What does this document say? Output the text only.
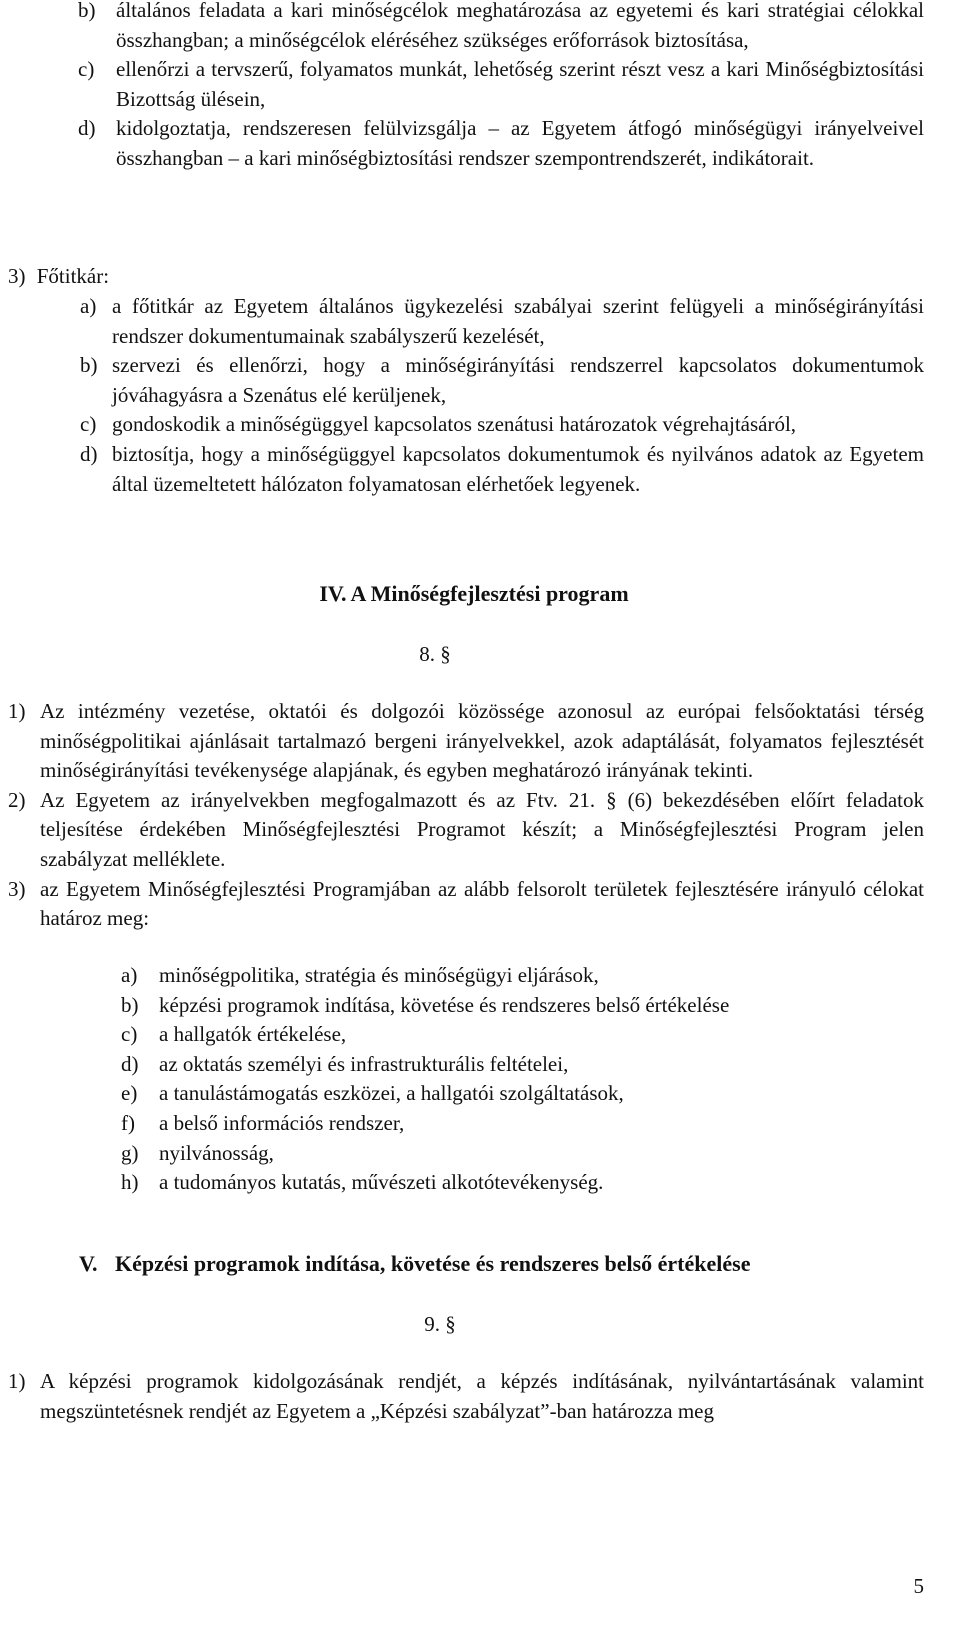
b) általános feladata a kari minőségcélok meghatározása az egyetemi és kari stratégiai célokkal összhangban; a minőségcélok eléréséhez szükséges erőforrások biztosítása,
c) ellenőrzi a tervszerű, folyamatos munkát, lehetőség szerint részt vesz a kari Minőségbiztosítási Bizottság ülésein,
d) kidolgoztatja, rendszeresen felülvizsgálja – az Egyetem átfogó minőségügyi irányelveivel összhangban – a kari minőségbiztosítási rendszer szempontrendszerét, indikátorait.
3) Főtitkár:
a) a főtitkár az Egyetem általános ügykezelési szabályai szerint felügyeli a minőségirányítási rendszer dokumentumainak szabályszerű kezelését,
b) szervezi és ellenőrzi, hogy a minőségirányítási rendszerrel kapcsolatos dokumentumok jóváhagyásra a Szenátus elé kerüljenek,
c) gondoskodik a minőségüggyel kapcsolatos szenátusi határozatok végrehajtásáról,
d) biztosítja, hogy a minőségüggyel kapcsolatos dokumentumok és nyilvános adatok az Egyetem által üzemeltetett hálózaton folyamatosan elérhetőek legyenek.
IV. A Minőségfejlesztési program
8. §
1) Az intézmény vezetése, oktatói és dolgozói közössége azonosul az európai felsőoktatási térség minőségpolitikai ajánlásait tartalmazó bergeni irányelvekkel, azok adaptálását, folyamatos fejlesztését minőségirányítási tevékenysége alapjának, és egyben meghatározó irányának tekinti.
2) Az Egyetem az irányelvekben megfogalmazott és az Ftv. 21. § (6) bekezdésében előírt feladatok teljesítése érdekében Minőségfejlesztési Programot készít; a Minőségfejlesztési Program jelen szabályzat melléklete.
3) az Egyetem Minőségfejlesztési Programjában az alább felsorolt területek fejlesztésére irányuló célokat határoz meg:
a) minőségpolitika, stratégia és minőségügyi eljárások,
b) képzési programok indítása, követése és rendszeres belső értékelése
c) a hallgatók értékelése,
d) az oktatás személyi és infrastrukturális feltételei,
e) a tanulástámogatás eszközei, a hallgatói szolgáltatások,
f) a belső információs rendszer,
g) nyilvánosság,
h) a tudományos kutatás, művészeti alkotótevékenység.
V. Képzési programok indítása, követése és rendszeres belső értékelése
9. §
1) A képzési programok kidolgozásának rendjét, a képzés indításának, nyilvántartásának valamint megszüntetésnek rendjét az Egyetem a „Képzési szabályzat”-ban határozza meg
5
